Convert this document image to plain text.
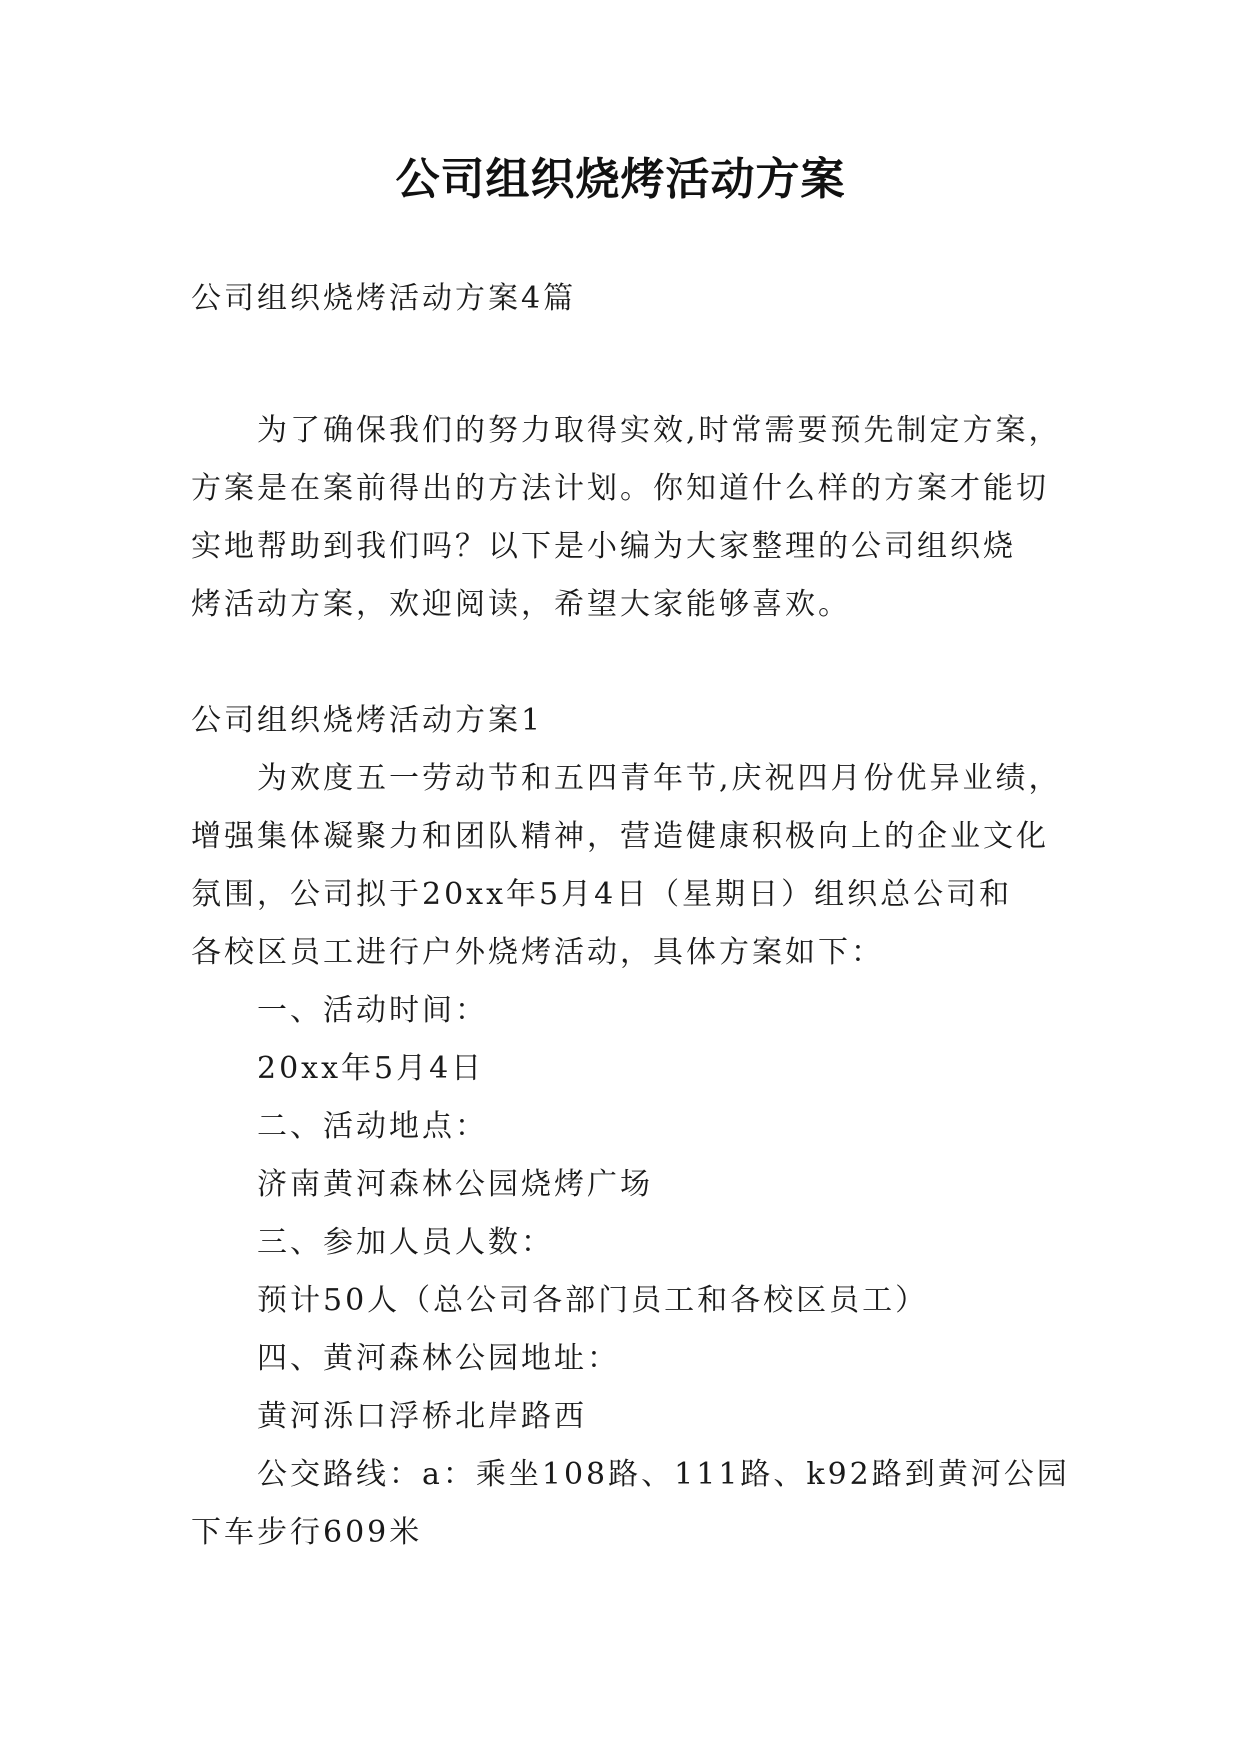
公司组织烧烤活动方案
公司组织烧烤活动方案4篇
为了确保我们的努力取得实效,时常需要预先制定方案，
方案是在案前得出的方法计划。你知道什么样的方案才能切
实地帮助到我们吗？以下是小编为大家整理的公司组织烧
烤活动方案，欢迎阅读，希望大家能够喜欢。
公司组织烧烤活动方案1
为欢度五一劳动节和五四青年节,庆祝四月份优异业绩，
增强集体凝聚力和团队精神，营造健康积极向上的企业文化
氛围，公司拟于20xx年5月4日（星期日）组织总公司和
各校区员工进行户外烧烤活动，具体方案如下：
一、活动时间：
20xx年5月4日
二、活动地点：
济南黄河森林公园烧烤广场
三、参加人员人数：
预计50人（总公司各部门员工和各校区员工）
四、黄河森林公园地址：
黄河泺口浮桥北岸路西
公交路线：a：乘坐108路、111路、k92路到黄河公园
下车步行609米
